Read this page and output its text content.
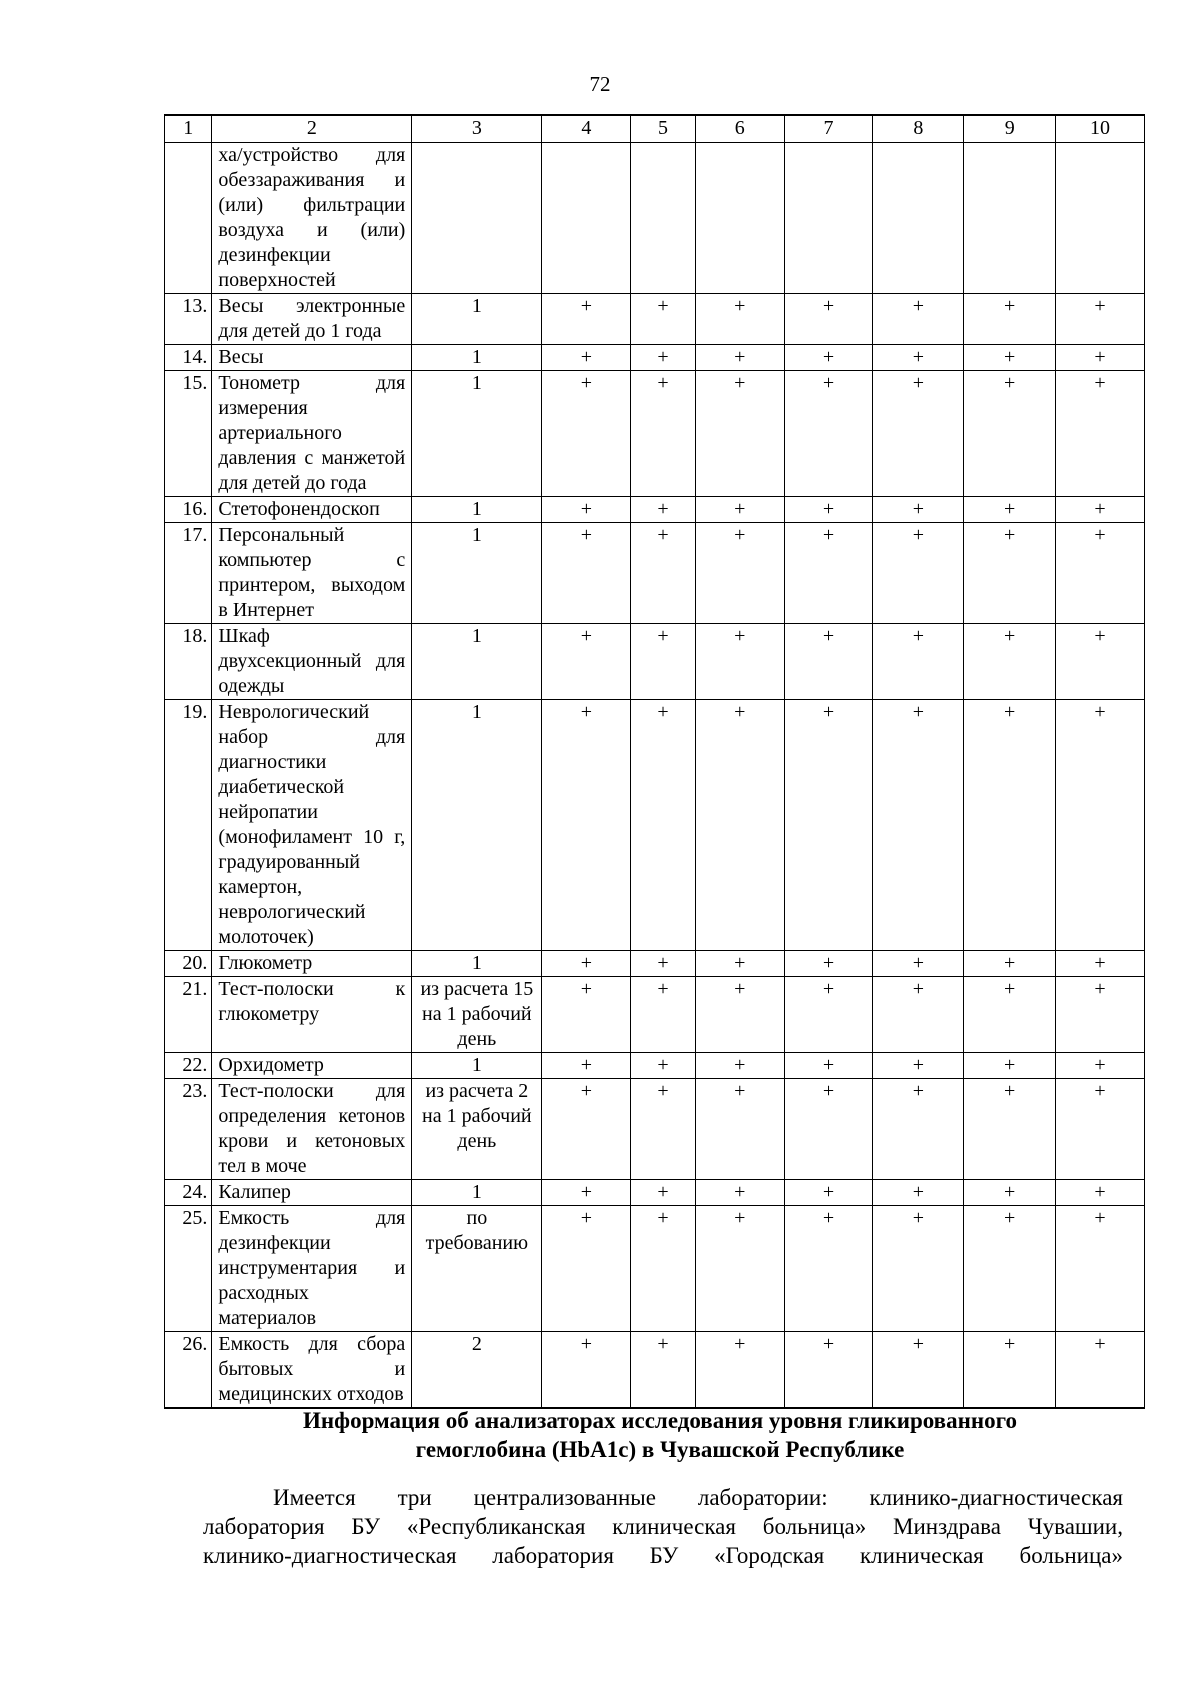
72
1	2	3	4	5	6	7	8	9	10
	ха/устройство для обеззараживания и (или) фильтрации воздуха и (или) дезинфекции поверхностей								
13.	Весы электронные для детей до 1 года	1	+	+	+	+	+	+	+
14.	Весы	1	+	+	+	+	+	+	+
15.	Тонометр для измерения артериального давления с манжетой для детей до года	1	+	+	+	+	+	+	+
16.	Стетофонендоскоп	1	+	+	+	+	+	+	+
17.	Персональный компьютер с принтером, выходом в Интернет	1	+	+	+	+	+	+	+
18.	Шкаф двухсекционный для одежды	1	+	+	+	+	+	+	+
19.	Неврологический набор для диагностики диабетической нейропатии (монофиламент 10 г, градуированный камертон, неврологический молоточек)	1	+	+	+	+	+	+	+
20.	Глюкометр	1	+	+	+	+	+	+	+
21.	Тест-полоски к глюкометру	из расчета 15 на 1 рабочий день	+	+	+	+	+	+	+
22.	Орхидометр	1	+	+	+	+	+	+	+
23.	Тест-полоски для определения кетонов крови и кетоновых тел в моче	из расчета 2 на 1 рабочий день	+	+	+	+	+	+	+
24.	Калипер	1	+	+	+	+	+	+	+
25.	Емкость для дезинфекции инструментария и расходных материалов	по требованию	+	+	+	+	+	+	+
26.	Емкость для сбора бытовых и медицинских отходов	2	+	+	+	+	+	+	+
Информация об анализаторах исследования уровня гликированного
гемоглобина (HbA1c) в Чувашской Республике
Имеется три централизованные лаборатории: клинико-диагностическая
лаборатория БУ «Республиканская клиническая больница» Минздрава Чувашии,
клинико-диагностическая лаборатория БУ «Городская клиническая больница»
